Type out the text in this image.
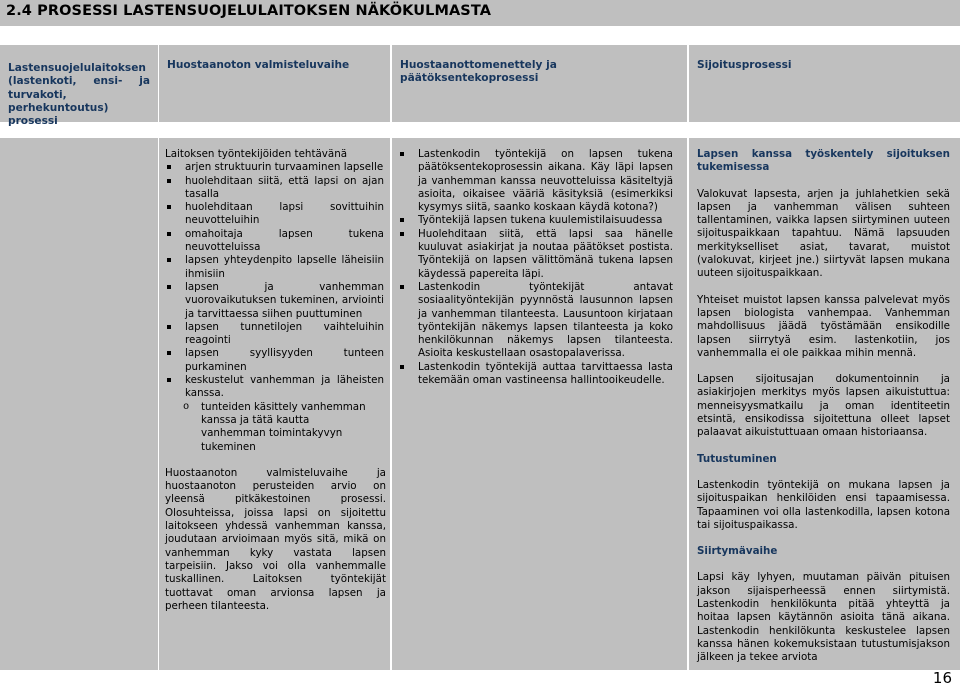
2.4 PROSESSI LASTENSUOJELULAITOKSEN NÄKÖKULMASTA
Lastensuojelulaitoksen (lastenkoti, ensi- ja turvakoti, perhekuntoutus) prosessi
Huostaanoton valmisteluvaihe	Huostaanottomenettely ja päätöksentekoprosessi
Sijoitusprosessi

Laitoksen työntekijöiden tehtävänä

arjen struktuurin turvaaminen lapselle
huolehditaan siitä, että lapsi on ajan tasalla
huolehditaan lapsi sovittuihin neuvotteluihin
omahoitaja lapsen tukena neuvotteluissa
lapsen yhteydenpito lapselle läheisiin ihmisiin
lapsen ja vanhemman vuorovaikutuksen tukeminen, arviointi ja tarvittaessa siihen puuttuminen
lapsen tunnetilojen vaihteluihin reagointi
lapsen syyllisyyden tunteen purkaminen
keskustelut vanhemman ja läheisten kanssa.
o tunteiden käsittely vanhemman kanssa ja tätä kautta vanhemman toimintakyvyn tukeminen

Huostaanoton valmisteluvaihe ja huostaanoton perusteiden arvio on yleensä pitkäkestoinen prosessi. Olosuhteissa, joissa lapsi on sijoitettu laitokseen yhdessä vanhemman kanssa, joudutaan arvioimaan myös sitä, mikä on vanhemman kyky vastata lapsen tarpeisiin. Jakso voi olla vanhemmalle tuskallinen. Laitoksen työntekijät tuottavat oman arvionsa lapsen ja perheen tilanteesta.

Lastenkodin työntekijä on lapsen tukena päätöksentekoprosessin aikana. Käy läpi lapsen ja vanhemman kanssa neuvotteluissa käsiteltyjä asioita, oikaisee vääriä käsityksiä (esimerkiksi kysymys siitä, saanko koskaan käydä kotona?)
Työntekijä lapsen tukena kuulemistilaisuudessa
Huolehditaan siitä, että lapsi saa hänelle kuuluvat asiakirjat ja noutaa päätökset postista. Työntekijä on lapsen välittömänä tukena lapsen käydessä papereita läpi.
Lastenkodin työntekijät antavat sosiaalityöntekijän pyynnöstä lausunnon lapsen ja vanhemman tilanteesta. Lausuntoon kirjataan työntekijän näkemys lapsen tilanteesta ja koko henkilökunnan näkemys lapsen tilanteesta. Asioita keskustellaan osastopalaverissa.
Lastenkodin työntekijä auttaa tarvittaessa lasta tekemään oman vastineensa hallintooikeudelle.

Lapsen kanssa työskentely sijoituksen tukemisessa

Valokuvat lapsesta, arjen ja juhlahetkien sekä lapsen ja vanhemman välisen suhteen tallentaminen, vaikka lapsen siirtyminen uuteen sijoituspaikkaan tapahtuu. Nämä lapsuuden merkitykselliset asiat, tavarat, muistot (valokuvat, kirjeet jne.) siirtyvät lapsen mukana uuteen sijoituspaikkaan.

Yhteiset muistot lapsen kanssa palvelevat myös lapsen biologista vanhempaa. Vanhemman mahdollisuus jäädä työstämään ensikodille lapsen siirrytyä esim. lastenkotiin, jos vanhemmalla ei ole paikkaa mihin mennä.

Lapsen sijoitusajan dokumentoinnin ja asiakirjojen merkitys myös lapsen aikuistuttua: menneisyysmatkailu ja oman identiteetin etsintä, ensikodissa sijoitettuna olleet lapset palaavat aikuistuttuaan omaan historiaansa.

Tutustuminen

Lastenkodin työntekijä on mukana lapsen ja sijoituspaikan henkilöiden ensi tapaamisessa. Tapaaminen voi olla lastenkodilla, lapsen kotona tai sijoituspaikassa.

Siirtymävaihe

Lapsi käy lyhyen, muutaman päivän pituisen jakson sijaisperheessä ennen siirtymistä. Lastenkodin henkilökunta pitää yhteyttä ja hoitaa lapsen käytännön asioita tänä aikana. Lastenkodin henkilökunta keskustelee lapsen kanssa hänen kokemuksistaan tutustumisjakson jälkeen ja tekee arviota

16
